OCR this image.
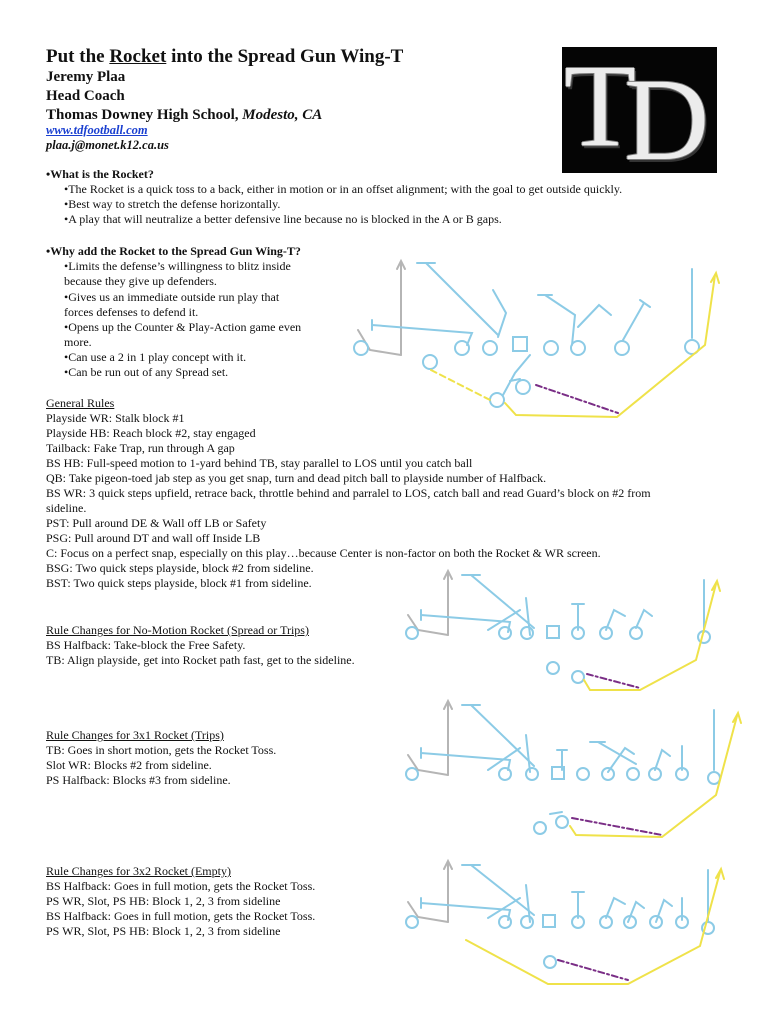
Put the Rocket into the Spread Gun Wing-T
Jeremy Plaa
Head Coach
Thomas Downey High School, Modesto, CA
www.tdfootball.com
plaa.j@monet.k12.ca.us	T
D
•What is the Rocket?
•The Rocket is a quick toss to a back, either in motion or in an offset alignment; with the goal to get outside quickly.
•Best way to stretch the defense horizontally.
•A play that will neutralize a better defensive line because no is blocked in the A or B gaps.
•Why add the Rocket to the Spread Gun Wing-T?
•Limits the defense’s willingness to blitz inside
because they give up defenders.
•Gives us an immediate outside run play that
forces defenses to defend it.
•Opens up the Counter & Play-Action game even
more.
•Can use a 2 in 1 play concept with it.
•Can be run out of any Spread set.
General Rules
Playside WR: Stalk block #1
Playside HB: Reach block #2, stay engaged
Tailback: Fake Trap, run through A gap
BS HB: Full-speed motion to 1-yard behind TB, stay parallel to LOS until you catch ball
QB: Take pigeon-toed jab step as you get snap, turn and dead pitch ball to playside number of Halfback.
BS WR: 3 quick steps upfield, retrace back, throttle behind and parralel to LOS, catch ball and read Guard’s block on #2 from
sideline.
PST: Pull around DE & Wall off LB or Safety
PSG: Pull around DT and wall off Inside LB
C: Focus on a perfect snap, especially on this play…because Center is non-factor on both the Rocket & WR screen.
BSG: Two quick steps playside, block #2 from sideline.
BST: Two quick steps playside, block #1 from sideline.
Rule Changes for No-Motion Rocket (Spread or Trips)
BS Halfback: Take-block the Free Safety.
TB: Align playside, get into Rocket path fast, get to the sideline.
Rule Changes for 3x1 Rocket (Trips)
TB: Goes in short motion, gets the Rocket Toss.
Slot WR: Blocks #2 from sideline.
PS Halfback: Blocks #3 from sideline.
Rule Changes for 3x2 Rocket (Empty)
BS Halfback: Goes in full motion, gets the Rocket Toss.
PS WR, Slot, PS HB: Block 1, 2, 3 from sideline
BS Halfback: Goes in full motion, gets the Rocket Toss.
PS WR, Slot, PS HB: Block 1, 2, 3 from sideline
